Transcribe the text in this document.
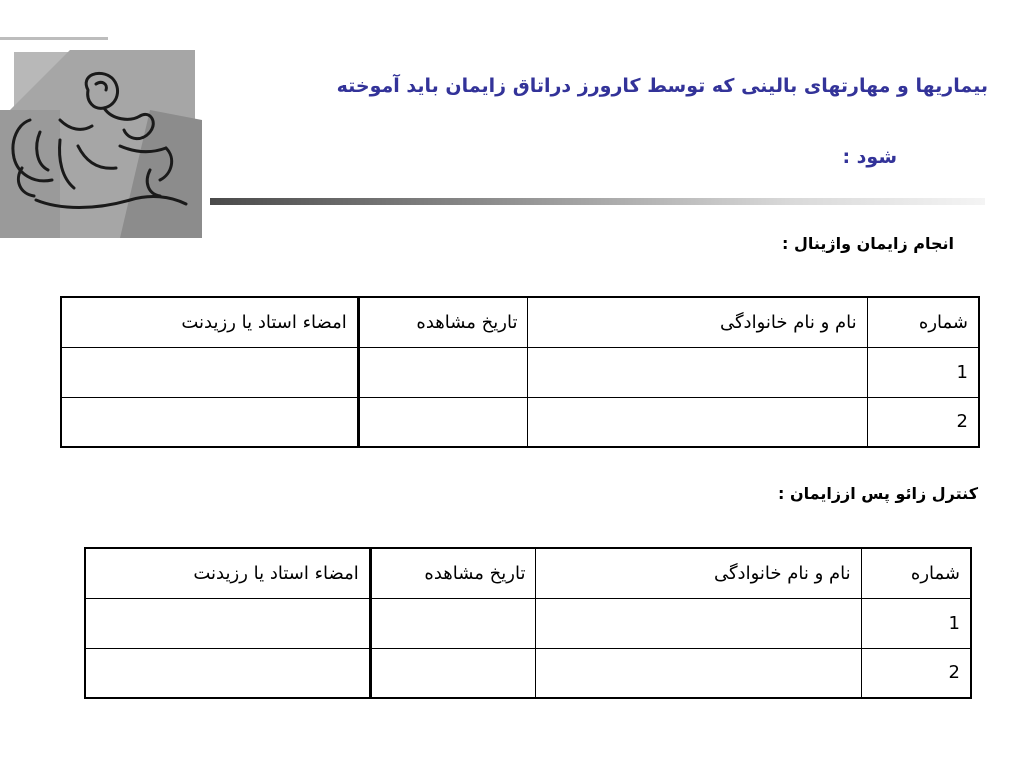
بیماریها و مهارتهای بالینی که توسط کارورز دراتاق زایمان باید آموخته
شود :
انجام زایمان واژینال :
شماره	نام و نام خانوادگی	تاریخ مشاهده	امضاء استاد یا رزیدنت
1			
2			
کنترل زائو پس اززایمان :
شماره	نام و نام خانوادگی	تاریخ مشاهده	امضاء استاد یا رزیدنت
1			
2			
